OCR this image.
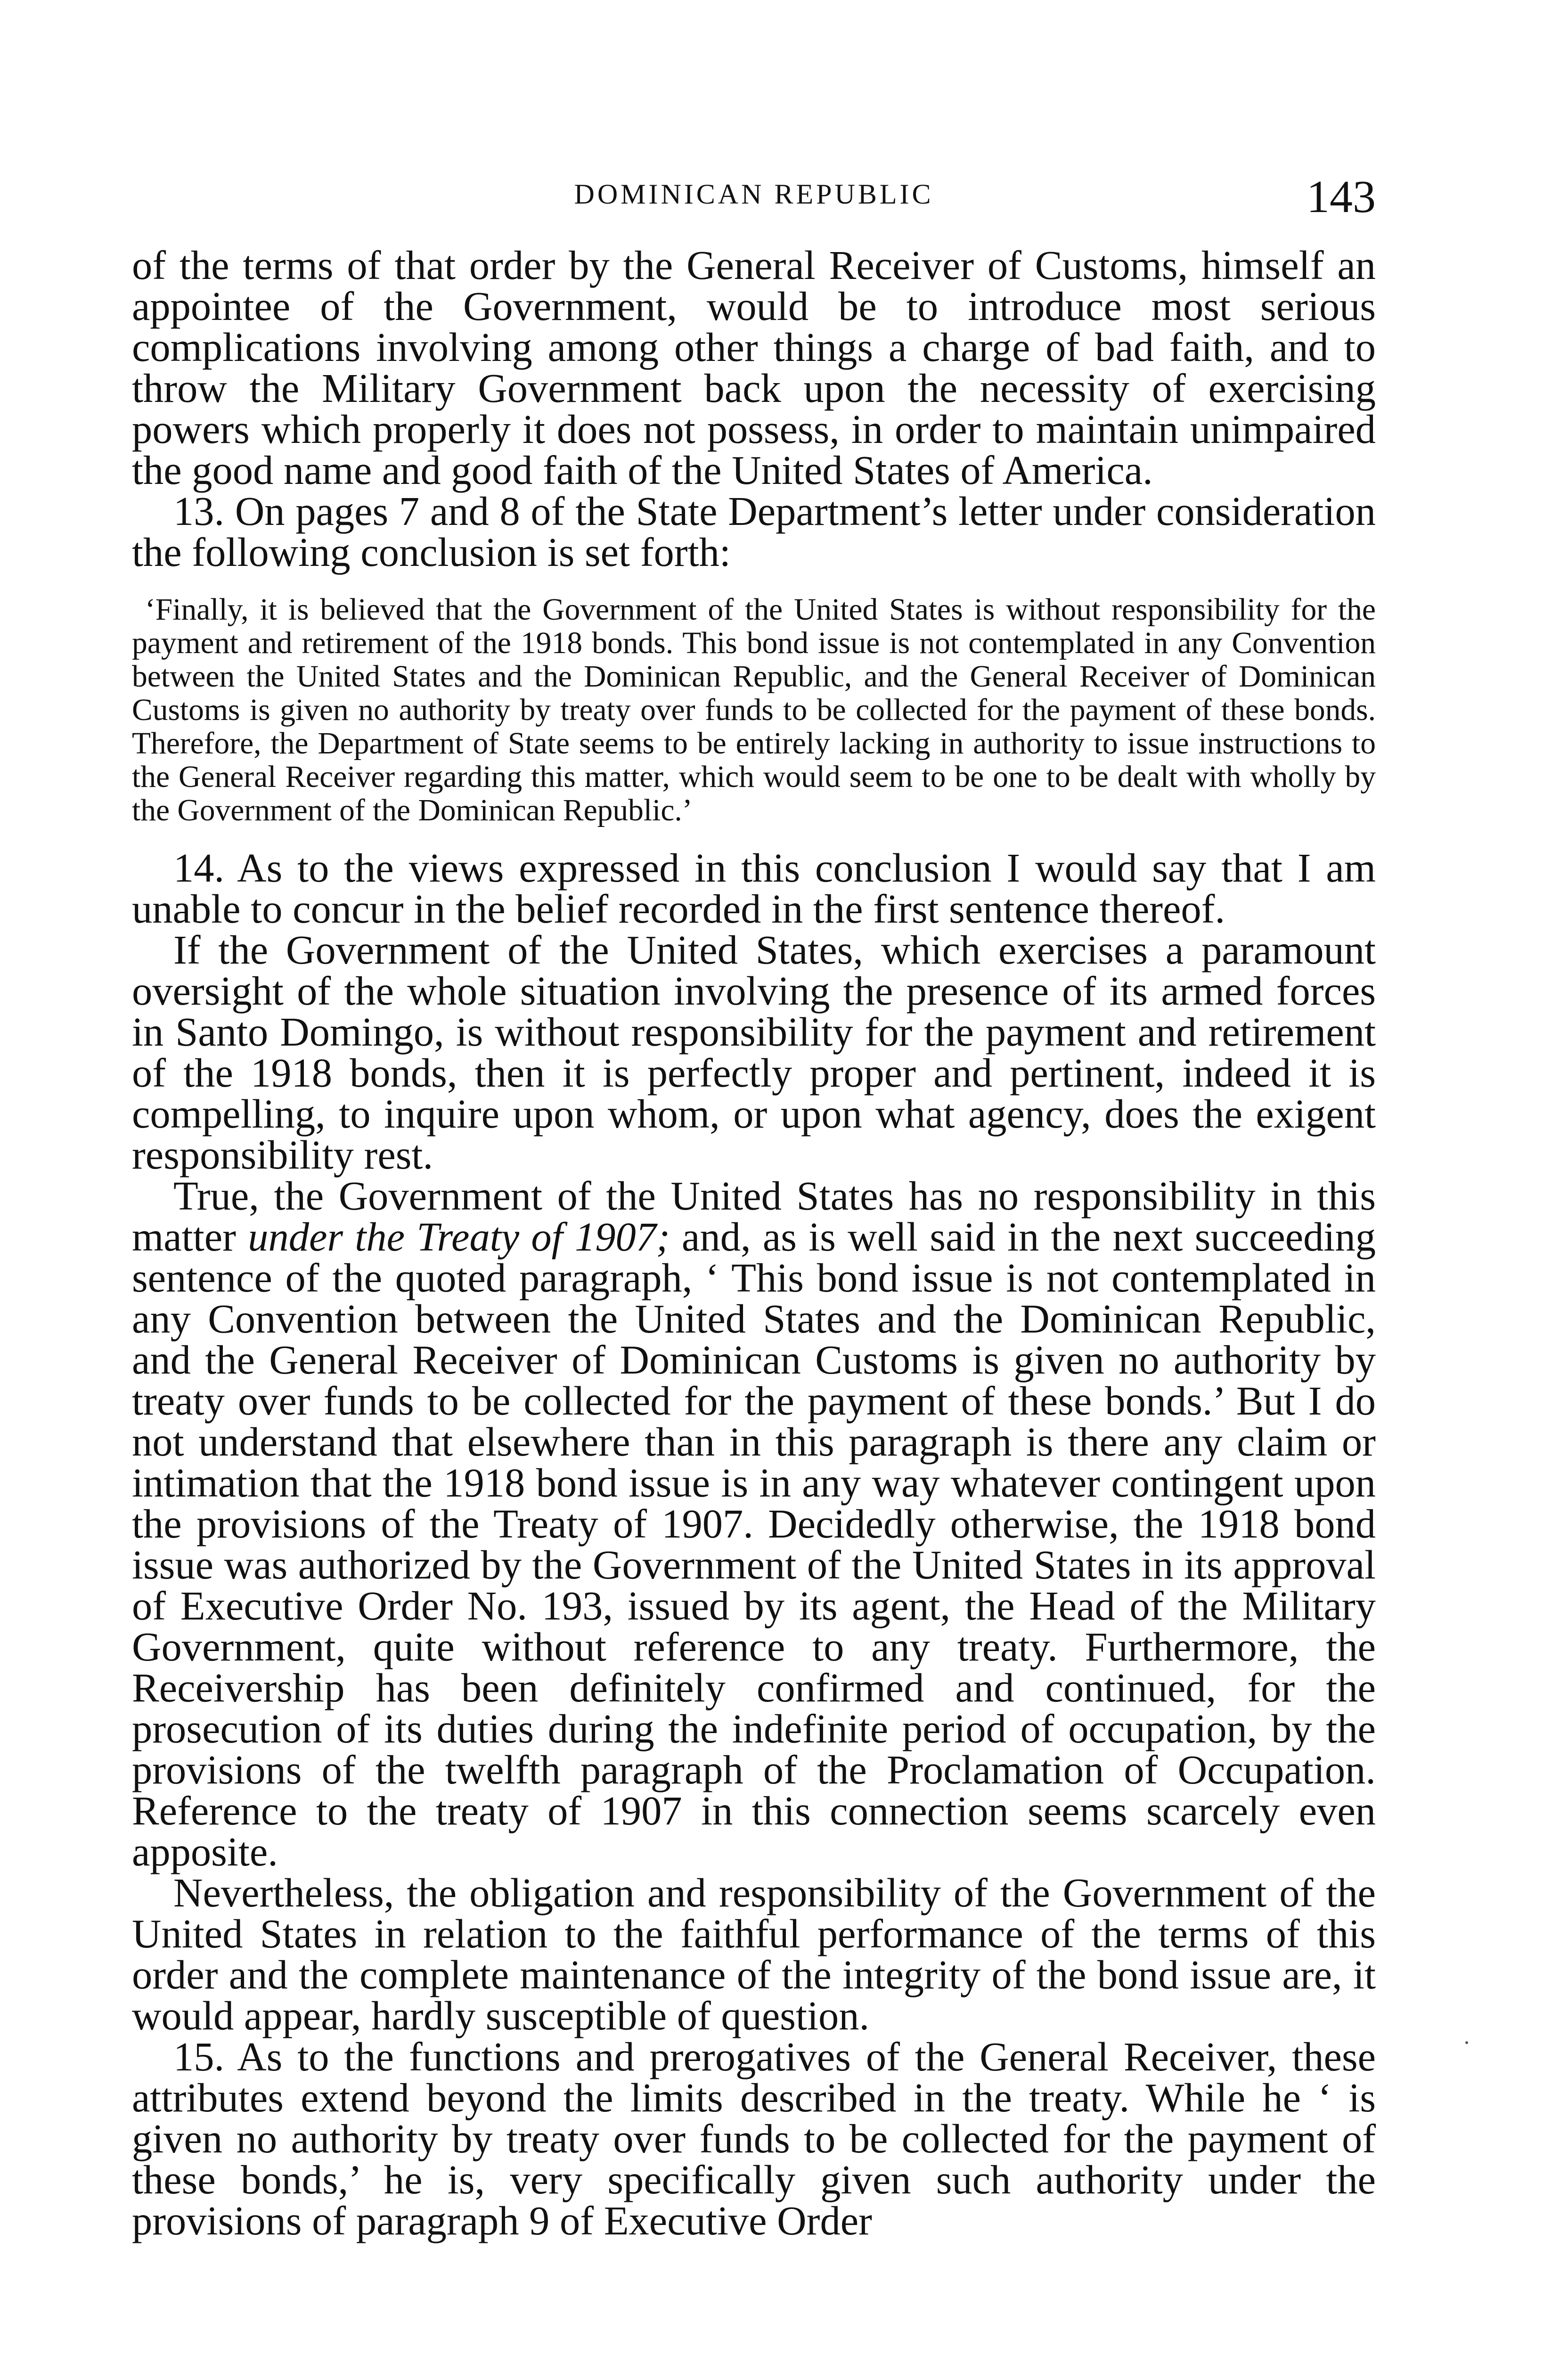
DOMINICAN REPUBLIC	143

of the terms of that order by the General Receiver of Customs, himself an appointee of the Government, would be to introduce most serious complications involving among other things a charge of bad faith, and to throw the Military Government back upon the necessity of exercising powers which properly it does not possess, in order to maintain unimpaired the good name and good faith of the United States of America.

13. On pages 7 and 8 of the State Department’s letter under consideration the following conclusion is set forth:

‘Finally, it is believed that the Government of the United States is without responsibility for the payment and retirement of the 1918 bonds. This bond issue is not contemplated in any Convention between the United States and the Dominican Republic, and the General Receiver of Dominican Customs is given no authority by treaty over funds to be collected for the payment of these bonds. Therefore, the Department of State seems to be entirely lacking in authority to issue instructions to the General Receiver regarding this matter, which would seem to be one to be dealt with wholly by the Government of the Dominican Republic.’

14. As to the views expressed in this conclusion I would say that I am unable to concur in the belief recorded in the first sentence thereof.

If the Government of the United States, which exercises a paramount oversight of the whole situation involving the presence of its armed forces in Santo Domingo, is without responsibility for the payment and retirement of the 1918 bonds, then it is perfectly proper and pertinent, indeed it is compelling, to inquire upon whom, or upon what agency, does the exigent responsibility rest.

True, the Government of the United States has no responsibility in this matter under the Treaty of 1907; and, as is well said in the next succeeding sentence of the quoted paragraph, ‘ This bond issue is not contemplated in any Convention between the United States and the Dominican Republic, and the General Receiver of Dominican Customs is given no authority by treaty over funds to be collected for the payment of these bonds.’ But I do not understand that elsewhere than in this paragraph is there any claim or intimation that the 1918 bond issue is in any way whatever contingent upon the provisions of the Treaty of 1907. Decidedly otherwise, the 1918 bond issue was authorized by the Government of the United States in its approval of Executive Order No. 193, issued by its agent, the Head of the Military Government, quite without reference to any treaty. Furthermore, the Receivership has been definitely confirmed and continued, for the prosecution of its duties during the indefinite period of occupation, by the provisions of the twelfth paragraph of the Proclamation of Occupation. Reference to the treaty of 1907 in this connection seems scarcely even apposite.

Nevertheless, the obligation and responsibility of the Government of the United States in relation to the faithful performance of the terms of this order and the complete maintenance of the integrity of the bond issue are, it would appear, hardly susceptible of question.

15. As to the functions and prerogatives of the General Receiver, these attributes extend beyond the limits described in the treaty. While he ‘ is given no authority by treaty over funds to be collected for the payment of these bonds,’ he is, very specifically given such authority under the provisions of paragraph 9 of Executive Order
